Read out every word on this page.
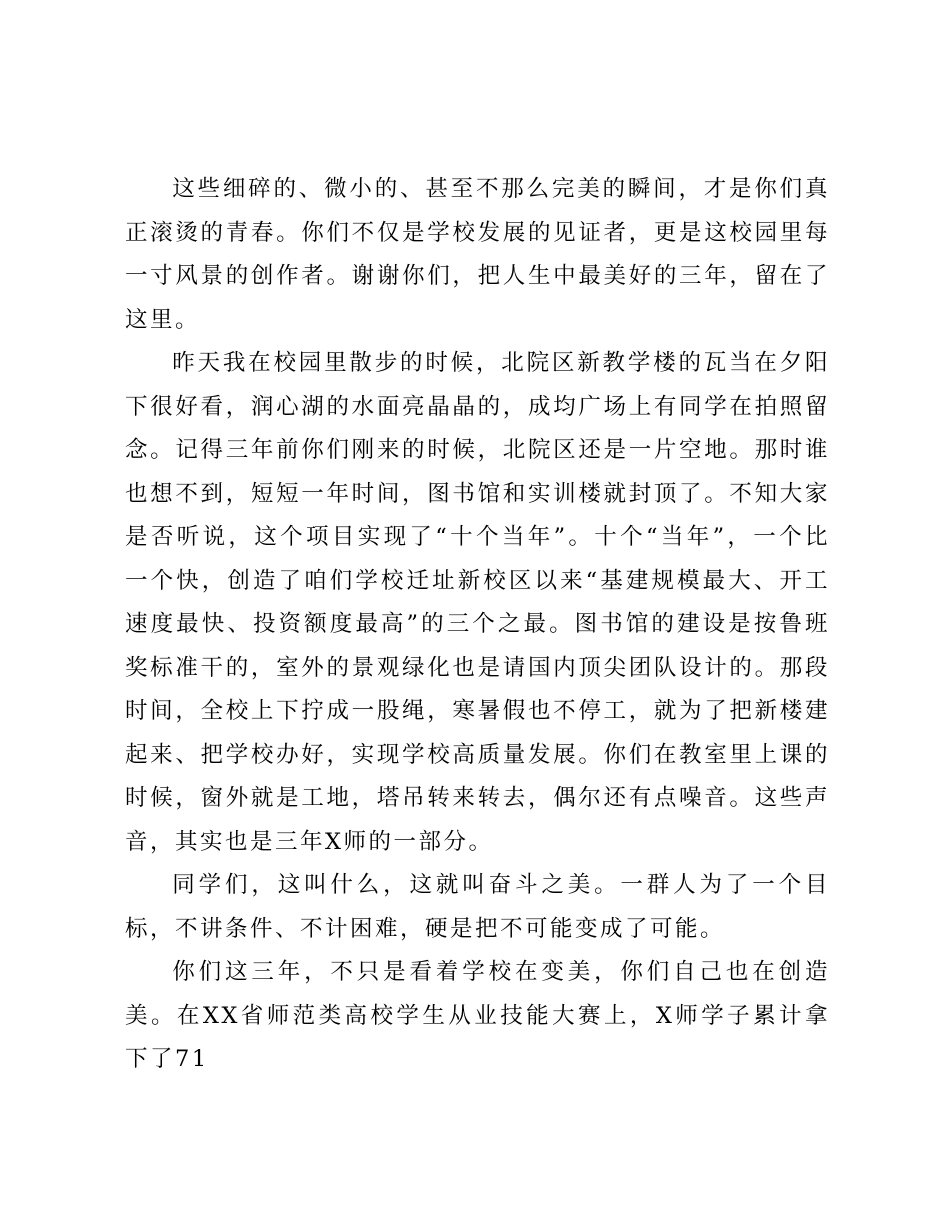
这些细碎的、微小的、甚至不那么完美的瞬间，才是你们真正滚烫的青春。你们不仅是学校发展的见证者，更是这校园里每一寸风景的创作者。谢谢你们，把人生中最美好的三年，留在了这里。

昨天我在校园里散步的时候，北院区新教学楼的瓦当在夕阳下很好看，润心湖的水面亮晶晶的，成均广场上有同学在拍照留念。记得三年前你们刚来的时候，北院区还是一片空地。那时谁也想不到，短短一年时间，图书馆和实训楼就封顶了。不知大家是否听说，这个项目实现了“十个当年”。十个“当年”，一个比一个快，创造了咱们学校迁址新校区以来“基建规模最大、开工速度最快、投资额度最高”的三个之最。图书馆的建设是按鲁班奖标准干的，室外的景观绿化也是请国内顶尖团队设计的。那段时间，全校上下拧成一股绳，寒暑假也不停工，就为了把新楼建起来、把学校办好，实现学校高质量发展。你们在教室里上课的时候，窗外就是工地，塔吊转来转去，偶尔还有点噪音。这些声音，其实也是三年X师的一部分。

同学们，这叫什么，这就叫奋斗之美。一群人为了一个目标，不讲条件、不计困难，硬是把不可能变成了可能。

你们这三年，不只是看着学校在变美，你们自己也在创造美。在XX省师范类高校学生从业技能大赛上，X师学子累计拿下了71
